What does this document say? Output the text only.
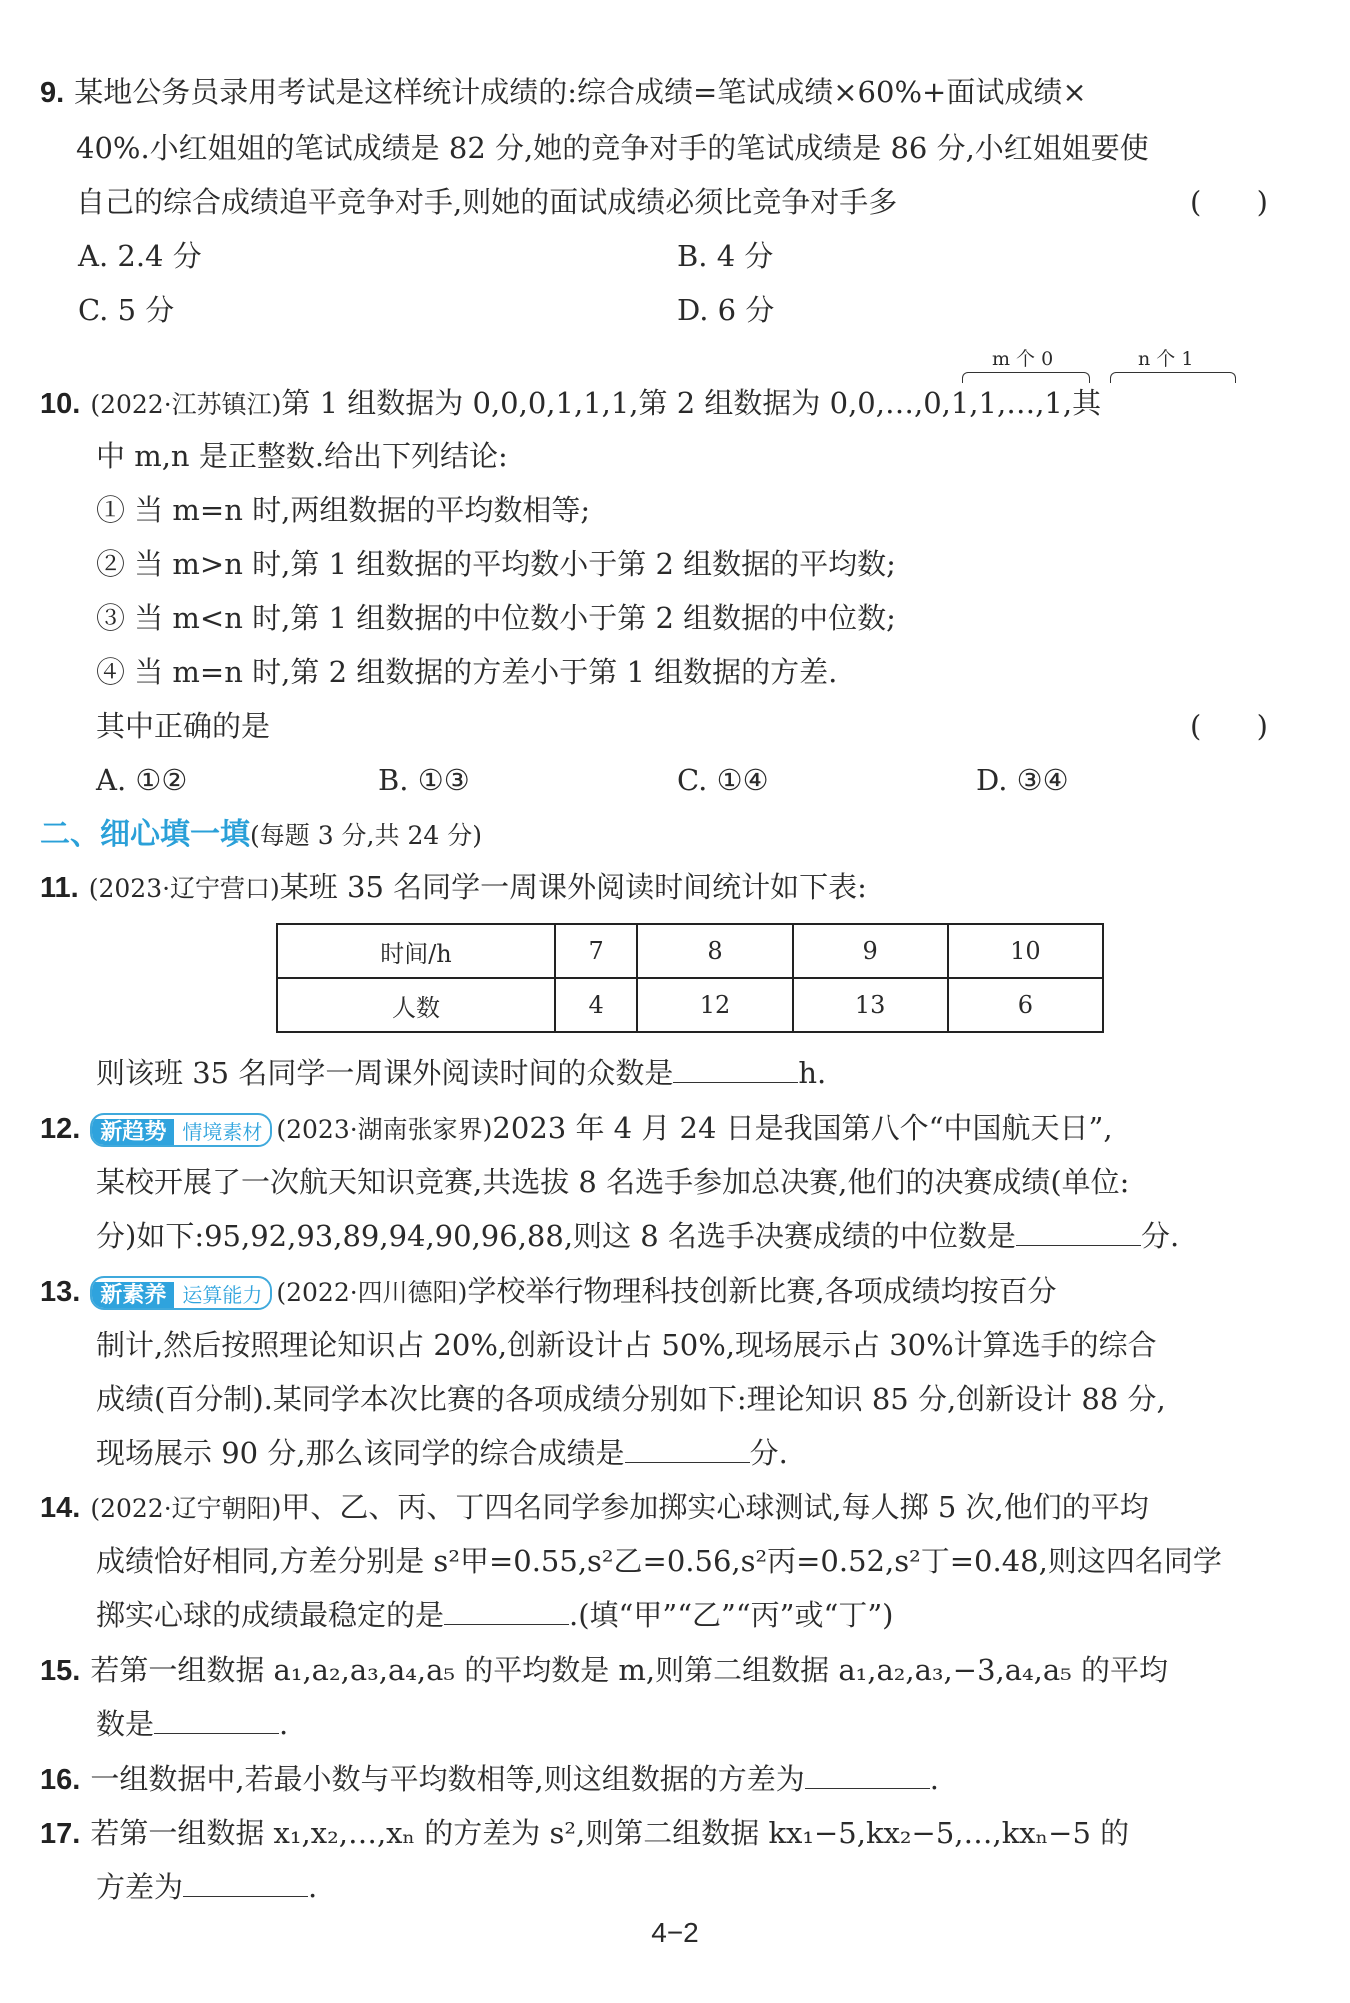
9. 某地公务员录用考试是这样统计成绩的:综合成绩=笔试成绩×60%+面试成绩×
40%.小红姐姐的笔试成绩是 82 分,她的竞争对手的笔试成绩是 86 分,小红姐姐要使
自己的综合成绩追平竞争对手,则她的面试成绩必须比竞争对手多	(      )
A. 2.4 分	B. 4 分
C. 5 分	D. 6 分
m 个 0	n 个 1
10. (2022·江苏镇江)第 1 组数据为 0,0,0,1,1,1,第 2 组数据为 0,0,…,0,1,1,…,1,其
中 m,n 是正整数.给出下列结论:
① 当 m=n 时,两组数据的平均数相等;
② 当 m>n 时,第 1 组数据的平均数小于第 2 组数据的平均数;
③ 当 m<n 时,第 1 组数据的中位数小于第 2 组数据的中位数;
④ 当 m=n 时,第 2 组数据的方差小于第 1 组数据的方差.
其中正确的是	(      )
A. ①②	B. ①③	C. ①④	D. ③④
二、细心填一填(每题 3 分,共 24 分)
11. (2023·辽宁营口)某班 35 名同学一周课外阅读时间统计如下表:
时间/h	7	8	9	10
人数	4	12	13	6
则该班 35 名同学一周课外阅读时间的众数是	h.
12. 新趋势 情境素材 (2023·湖南张家界)2023 年 4 月 24 日是我国第八个“中国航天日”,
某校开展了一次航天知识竞赛,共选拔 8 名选手参加总决赛,他们的决赛成绩(单位:
分)如下:95,92,93,89,94,90,96,88,则这 8 名选手决赛成绩的中位数是	分.
13. 新素养 运算能力 (2022·四川德阳)学校举行物理科技创新比赛,各项成绩均按百分
制计,然后按照理论知识占 20%,创新设计占 50%,现场展示占 30%计算选手的综合
成绩(百分制).某同学本次比赛的各项成绩分别如下:理论知识 85 分,创新设计 88 分,
现场展示 90 分,那么该同学的综合成绩是	分.
14. (2022·辽宁朝阳)甲、乙、丙、丁四名同学参加掷实心球测试,每人掷 5 次,他们的平均
成绩恰好相同,方差分别是 s²甲=0.55,s²乙=0.56,s²丙=0.52,s²丁=0.48,则这四名同学
掷实心球的成绩最稳定的是	.(填“甲”“乙”“丙”或“丁”)
15. 若第一组数据 a₁,a₂,a₃,a₄,a₅ 的平均数是 m,则第二组数据 a₁,a₂,a₃,−3,a₄,a₅ 的平均
数是	.
16. 一组数据中,若最小数与平均数相等,则这组数据的方差为	.
17. 若第一组数据 x₁,x₂,…,xₙ 的方差为 s²,则第二组数据 kx₁−5,kx₂−5,…,kxₙ−5 的
方差为	.
4−2
